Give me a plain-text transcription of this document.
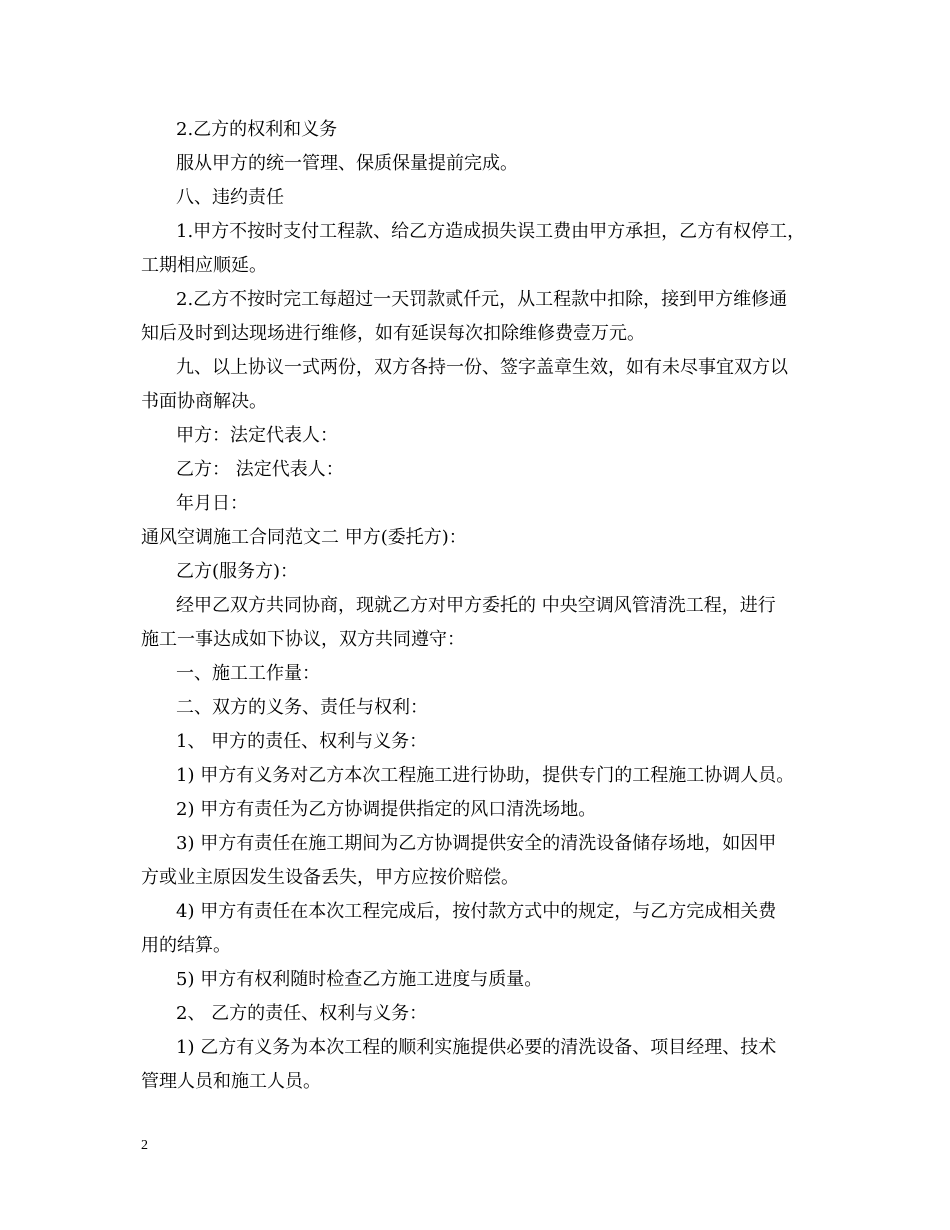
2.乙方的权利和义务
服从甲方的统一管理、保质保量提前完成。
八、违约责任
1.甲方不按时支付工程款、给乙方造成损失误工费由甲方承担，乙方有权停工，
工期相应顺延。
2.乙方不按时完工每超过一天罚款贰仟元，从工程款中扣除，接到甲方维修通
知后及时到达现场进行维修，如有延误每次扣除维修费壹万元。
九、以上协议一式两份，双方各持一份、签字盖章生效，如有未尽事宜双方以
书面协商解决。
甲方：法定代表人：
乙方： 法定代表人：
年月日：
通风空调施工合同范文二 甲方(委托方)：
乙方(服务方)：
经甲乙双方共同协商，现就乙方对甲方委托的 中央空调风管清洗工程，进行
施工一事达成如下协议，双方共同遵守：
一、施工工作量：
二、双方的义务、责任与权利：
1、 甲方的责任、权利与义务：
1) 甲方有义务对乙方本次工程施工进行协助，提供专门的工程施工协调人员。
2) 甲方有责任为乙方协调提供指定的风口清洗场地。
3) 甲方有责任在施工期间为乙方协调提供安全的清洗设备储存场地，如因甲
方或业主原因发生设备丢失，甲方应按价赔偿。
4) 甲方有责任在本次工程完成后，按付款方式中的规定，与乙方完成相关费
用的结算。
5) 甲方有权利随时检查乙方施工进度与质量。
2、 乙方的责任、权利与义务：
1) 乙方有义务为本次工程的顺利实施提供必要的清洗设备、项目经理、技术
管理人员和施工人员。
2
